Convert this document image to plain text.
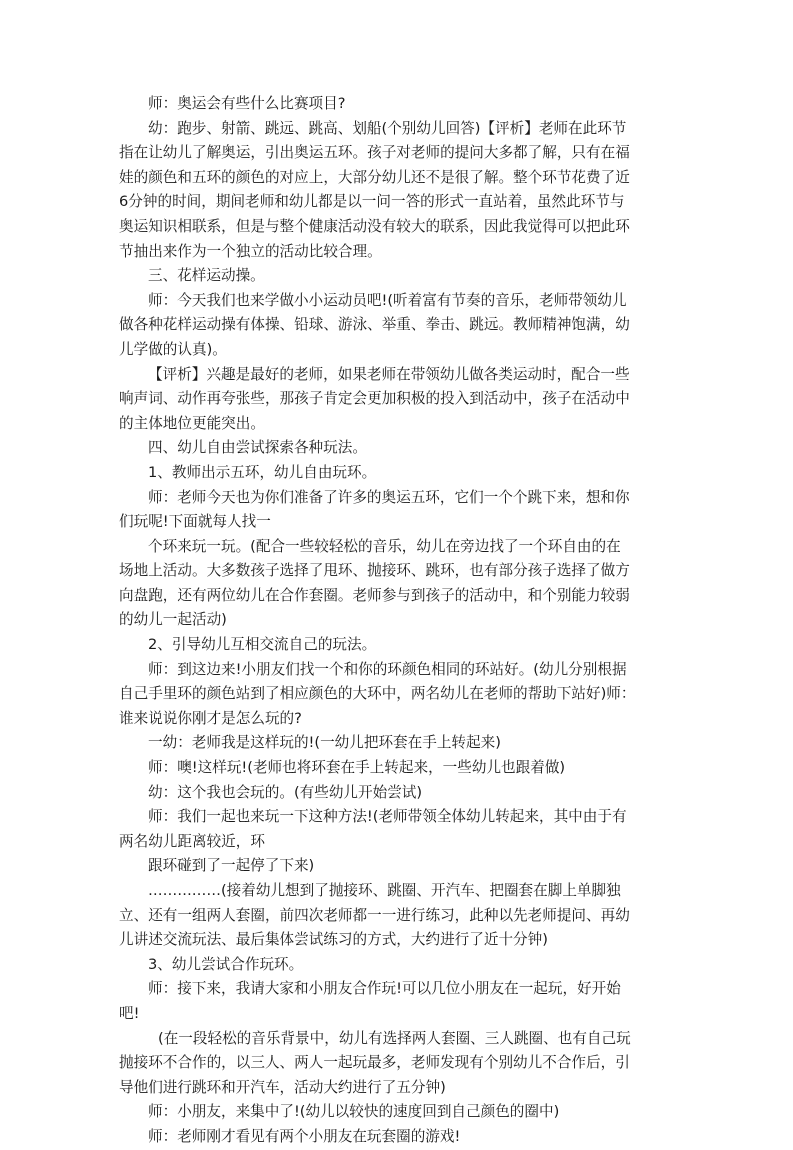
师：奥运会有些什么比赛项目?

幼：跑步、射箭、跳远、跳高、划船(个别幼儿回答)【评析】老师在此环节

指在让幼儿了解奥运，引出奥运五环。孩子对老师的提问大多都了解，只有在福

娃的颜色和五环的颜色的对应上，大部分幼儿还不是很了解。整个环节花费了近

6分钟的时间，期间老师和幼儿都是以一问一答的形式一直站着，虽然此环节与

奥运知识相联系，但是与整个健康活动没有较大的联系，因此我觉得可以把此环

节抽出来作为一个独立的活动比较合理。

三、花样运动操。

师：今天我们也来学做小小运动员吧!(听着富有节奏的音乐，老师带领幼儿

做各种花样运动操有体操、铅球、游泳、举重、拳击、跳远。教师精神饱满，幼

儿学做的认真)。

【评析】兴趣是最好的老师，如果老师在带领幼儿做各类运动时，配合一些

响声词、动作再夸张些，那孩子肯定会更加积极的投入到活动中，孩子在活动中

的主体地位更能突出。

四、幼儿自由尝试探索各种玩法。

1、教师出示五环，幼儿自由玩环。

师：老师今天也为你们准备了许多的奥运五环，它们一个个跳下来，想和你

们玩呢!下面就每人找一

个环来玩一玩。(配合一些较轻松的音乐，幼儿在旁边找了一个环自由的在

场地上活动。大多数孩子选择了甩环、抛接环、跳环，也有部分孩子选择了做方

向盘跑，还有两位幼儿在合作套圈。老师参与到孩子的活动中，和个别能力较弱

的幼儿一起活动)

2、引导幼儿互相交流自己的玩法。

师：到这边来!小朋友们找一个和你的环颜色相同的环站好。(幼儿分别根据

自己手里环的颜色站到了相应颜色的大环中，两名幼儿在老师的帮助下站好)师：

谁来说说你刚才是怎么玩的?

一幼：老师我是这样玩的!(一幼儿把环套在手上转起来)

师：噢!这样玩!(老师也将环套在手上转起来，一些幼儿也跟着做)

幼：这个我也会玩的。(有些幼儿开始尝试)

师：我们一起也来玩一下这种方法!(老师带领全体幼儿转起来，其中由于有

两名幼儿距离较近，环

跟环碰到了一起停了下来)

……………(接着幼儿想到了抛接环、跳圈、开汽车、把圈套在脚上单脚独

立、还有一组两人套圈，前四次老师都一一进行练习，此种以先老师提问、再幼

儿讲述交流玩法、最后集体尝试练习的方式，大约进行了近十分钟)

3、幼儿尝试合作玩环。

师：接下来，我请大家和小朋友合作玩!可以几位小朋友在一起玩，好开始

吧!

(在一段轻松的音乐背景中，幼儿有选择两人套圈、三人跳圈、也有自己玩

抛接环不合作的，以三人、两人一起玩最多，老师发现有个别幼儿不合作后，引

导他们进行跳环和开汽车，活动大约进行了五分钟)

师：小朋友，来集中了!(幼儿以较快的速度回到自己颜色的圈中)

师：老师刚才看见有两个小朋友在玩套圈的游戏!
